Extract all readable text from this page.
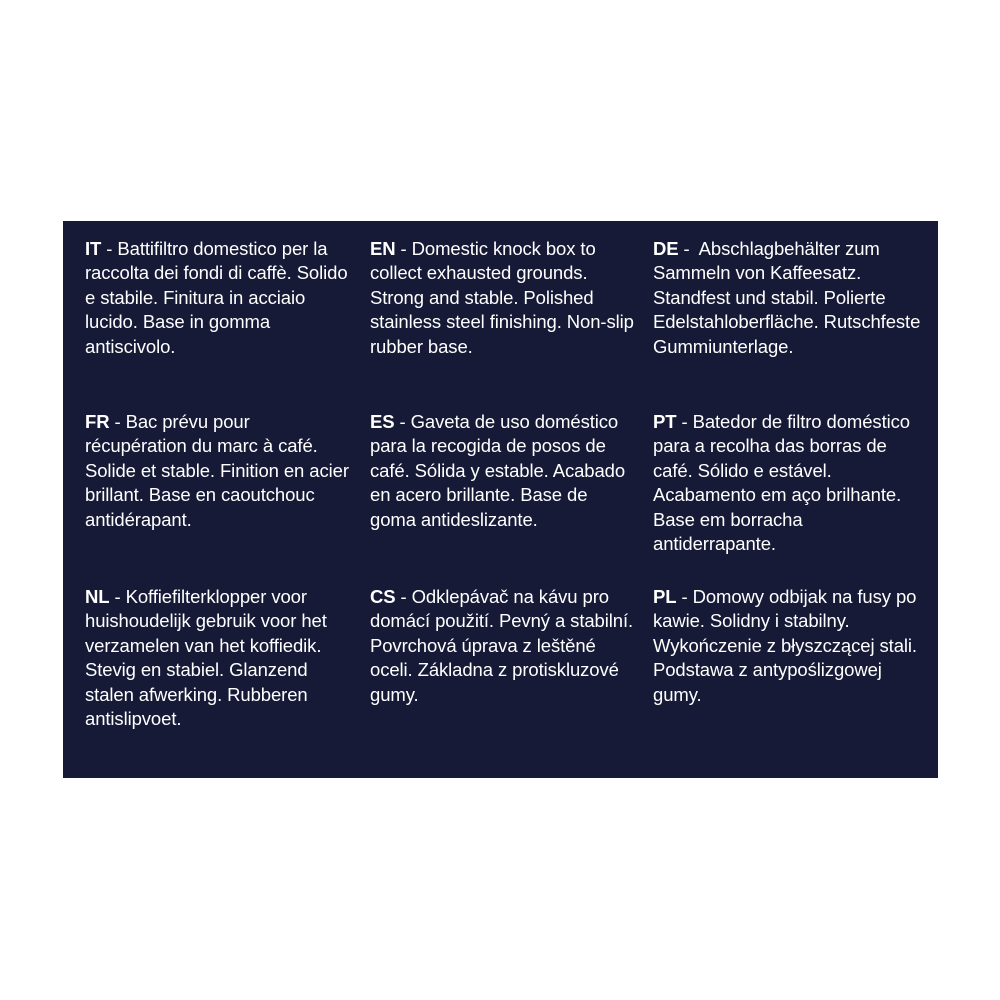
IT - Battifiltro domestico per la raccolta dei fondi di caffè. Solido e stabile. Finitura in acciaio lucido. Base in gomma antiscivolo.
EN - Domestic knock box to collect exhausted grounds. Strong and stable. Polished stainless steel finishing. Non-slip rubber base.
DE -  Abschlagbehälter zum Sammeln von Kaffeesatz. Standfest und stabil. Polierte Edelstahloberfläche. Rutschfeste Gummiunterlage.
FR - Bac prévu pour récupération du marc à café. Solide et stable. Finition en acier brillant. Base en caoutchouc antidérapant.
ES - Gaveta de uso doméstico para la recogida de posos de café. Sólida y estable. Acabado en acero brillante. Base de goma antideslizante.
PT - Batedor de filtro doméstico para a recolha das borras de café. Sólido e estável. Acabamento em aço brilhante. Base em borracha antiderrapante.
NL - Koffiefilterklopper voor huishoudelijk gebruik voor het verzamelen van het koffiedik. Stevig en stabiel. Glanzend stalen afwerking. Rubberen antislipvoet.
CS - Odklepávač na kávu pro domácí použití. Pevný a stabilní. Povrchová úprava z leštěné oceli. Základna z protiskluzové gumy.
PL - Domowy odbijak na fusy po kawie. Solidny i stabilny. Wykończenie z błyszczącej stali. Podstawa z antypoślizgowej gumy.
